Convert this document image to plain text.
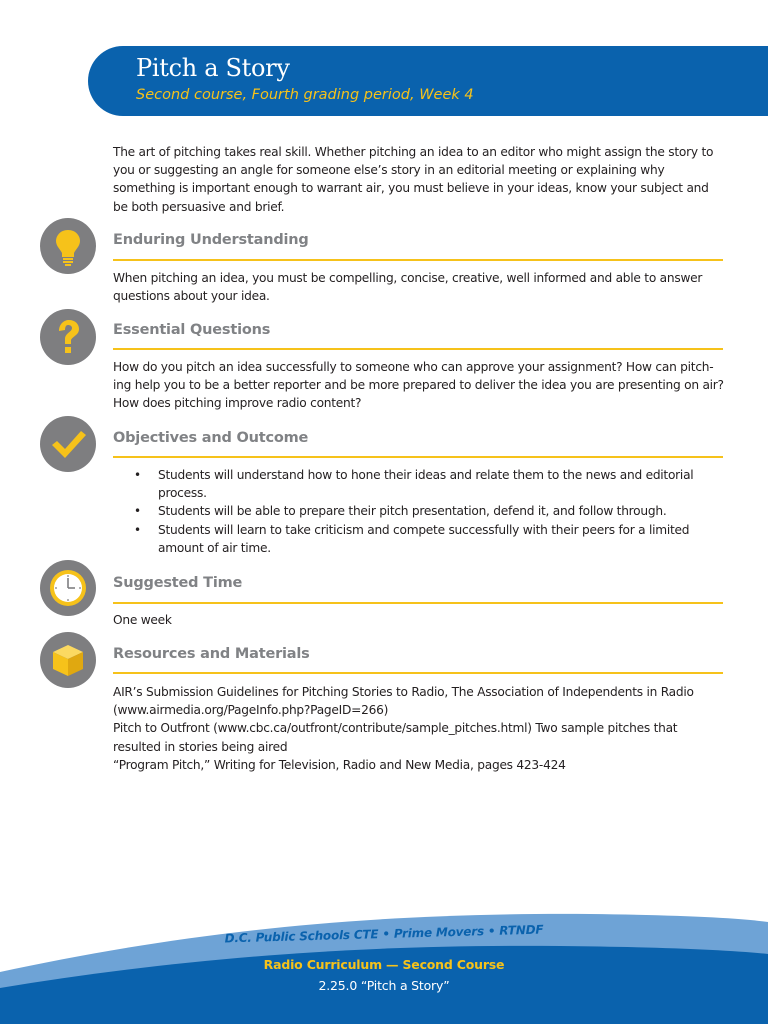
Pitch a Story
Second course, Fourth grading period, Week 4

The art of pitching takes real skill. Whether pitching an idea to an editor who might assign the story to you or suggesting an angle for someone else’s story in an editorial meeting or explaining why something is important enough to warrant air, you must believe in your ideas, know your subject and be both persuasive and brief.

Enduring Understanding

When pitching an idea, you must be compelling, concise, creative, well informed and able to answer questions about your idea.

Essential Questions

How do you pitch an idea successfully to someone who can approve your assignment? How can pitch-ing help you to be a better reporter and be more prepared to deliver the idea you are presenting on air? How does pitching improve radio content?

Objectives and Outcome
• Students will understand how to hone their ideas and relate them to the news and editorial process.
• Students will be able to prepare their pitch presentation, defend it, and follow through.
• Students will learn to take criticism and compete successfully with their peers for a limited amount of air time.
Suggested Time

One week

Resources and Materials

AIR’s Submission Guidelines for Pitching Stories to Radio, The Association of Independents in Radio (www.airmedia.org/PageInfo.php?PageID=266)

Pitch to Outfront (www.cbc.ca/outfront/contribute/sample_pitches.html) Two sample pitches that resulted in stories being aired

“Program Pitch,” Writing for Television, Radio and New Media, pages 423-424

D.C. Public Schools CTE • Prime Movers • RTNDF
Radio Curriculum — Second Course
2.25.0 “Pitch a Story”
